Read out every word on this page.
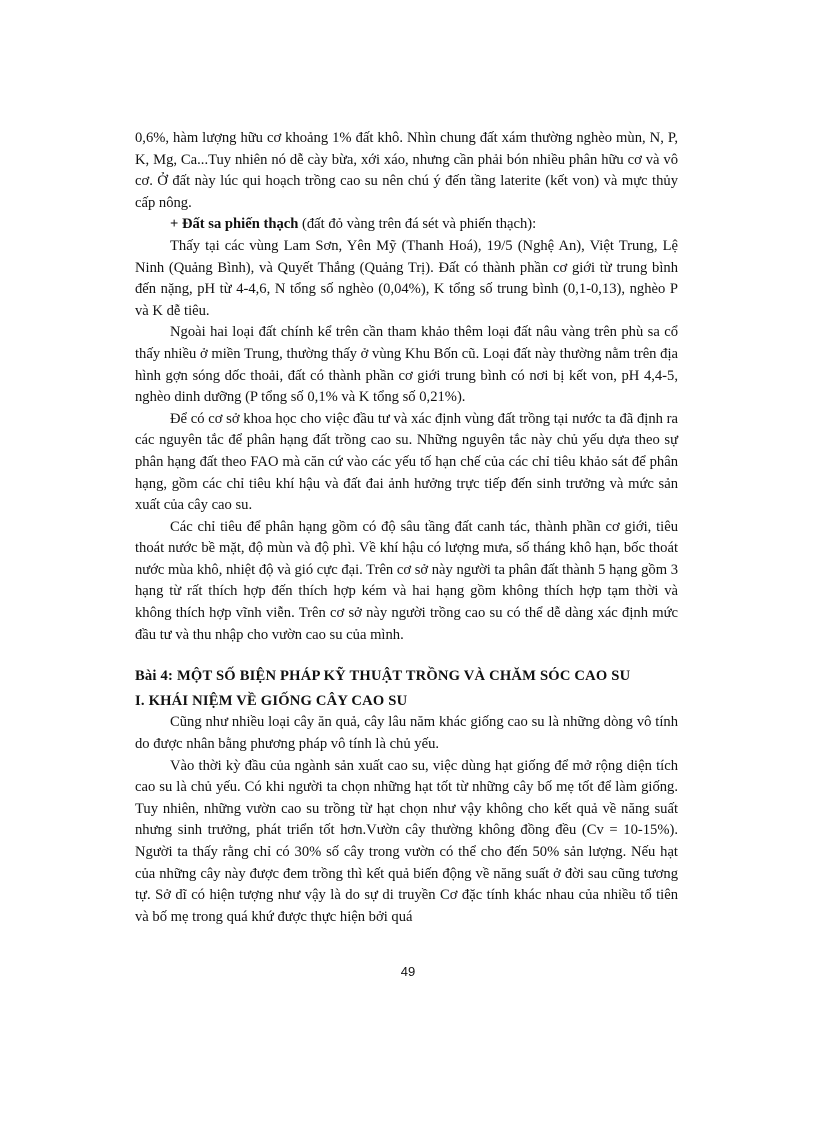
0,6%, hàm lượng hữu cơ khoảng 1% đất khô. Nhìn chung đất xám thường nghèo mùn, N, P, K, Mg, Ca...Tuy nhiên nó dễ cày bừa, xới xáo, nhưng cần phải bón nhiều phân hữu cơ và vô cơ. Ở đất này lúc qui hoạch trồng cao su nên chú ý đến tầng laterite (kết von) và mực thủy cấp nông.

+ Đất sa phiến thạch (đất đỏ vàng trên đá sét và phiến thạch):

Thấy tại các vùng Lam Sơn, Yên Mỹ (Thanh Hoá), 19/5 (Nghệ An), Việt Trung, Lệ Ninh (Quảng Bình), và Quyết Thắng (Quảng Trị). Đất có thành phần cơ giới từ trung bình đến nặng, pH từ 4-4,6, N tổng số nghèo (0,04%), K tổng số trung bình (0,1-0,13), nghèo P và K dễ tiêu.

Ngoài hai loại đất chính kể trên cần tham khảo thêm loại đất nâu vàng trên phù sa cổ thấy nhiều ở miền Trung, thường thấy ở vùng Khu Bốn cũ. Loại đất này thường nằm trên địa hình gợn sóng dốc thoải, đất có thành phần cơ giới trung bình có nơi bị kết von, pH 4,4-5, nghèo dinh dưỡng (P tổng số 0,1% và K tổng số 0,21%).

Để có cơ sở khoa học cho việc đầu tư và xác định vùng đất trồng tại nước ta đã định ra các nguyên tắc để phân hạng đất trồng cao su. Những nguyên tắc này chủ yếu dựa theo sự phân hạng đất theo FAO mà căn cứ vào các yếu tố hạn chế của các chỉ tiêu khảo sát để phân hạng, gồm các chỉ tiêu khí hậu và đất đai ảnh hưởng trực tiếp đến sinh trưởng và mức sản xuất của cây cao su.

Các chỉ tiêu để phân hạng gồm có độ sâu tầng đất canh tác, thành phần cơ giới, tiêu thoát nước bề mặt, độ mùn và độ phì. Về khí hậu có lượng mưa, số tháng khô hạn, bốc thoát nước mùa khô, nhiệt độ và gió cực đại. Trên cơ sở này người ta phân đất thành 5 hạng gồm 3 hạng từ rất thích hợp đến thích hợp kém và hai hạng gồm không thích hợp tạm thời và không thích hợp vĩnh viễn. Trên cơ sở này người trồng cao su có thể dễ dàng xác định mức đầu tư và thu nhập cho vườn cao su của mình.

Bài 4: MỘT SỐ BIỆN PHÁP KỸ THUẬT TRỒNG VÀ CHĂM SÓC CAO SU
I. KHÁI NIỆM VỀ GIỐNG CÂY CAO SU

Cũng như nhiều loại cây ăn quả, cây lâu năm khác giống cao su là những dòng vô tính do được nhân bằng phương pháp vô tính là chủ yếu.

Vào thời kỳ đầu của ngành sản xuất cao su, việc dùng hạt giống để mở rộng diện tích cao su là chủ yếu. Có khi người ta chọn những hạt tốt từ những cây bố mẹ tốt để làm giống. Tuy nhiên, những vườn cao su trồng từ hạt chọn như vậy không cho kết quả về năng suất nhưng sinh trưởng, phát triển tốt hơn.Vườn cây thường không đồng đều (Cv = 10-15%). Người ta thấy rằng chỉ có 30% số cây trong vườn có thể cho đến 50% sản lượng. Nếu hạt của những cây này được đem trồng thì kết quả biến động về năng suất ở đời sau cũng tương tự. Sở dĩ có hiện tượng như vậy là do sự di truyền Cơ đặc tính khác nhau của nhiều tổ tiên và bố mẹ trong quá khứ được thực hiện bởi quá

49
